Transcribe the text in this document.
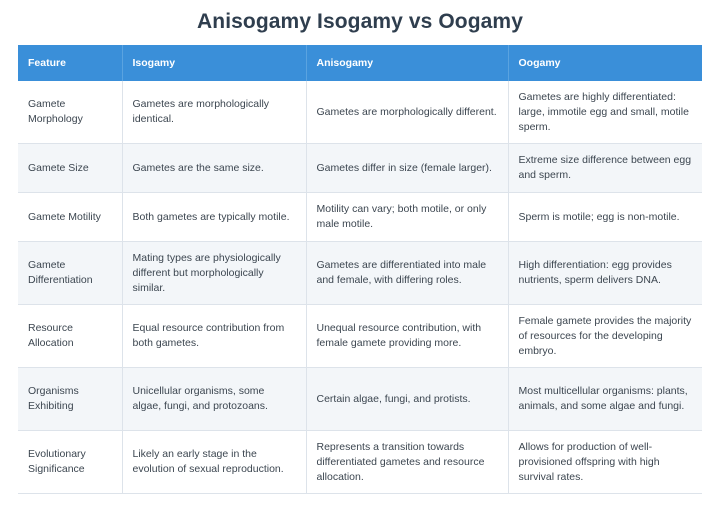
Anisogamy Isogamy vs Oogamy
Feature	Isogamy	Anisogamy	Oogamy
Gamete Morphology	Gametes are morphologically identical.	Gametes are morphologically different.	Gametes are highly differentiated: large, immotile egg and small, motile sperm.
Gamete Size	Gametes are the same size.	Gametes differ in size (female larger).	Extreme size difference between egg and sperm.
Gamete Motility	Both gametes are typically motile.	Motility can vary; both motile, or only male motile.	Sperm is motile; egg is non-motile.
Gamete Differentiation	Mating types are physiologically different but morphologically similar.	Gametes are differentiated into male and female, with differing roles.	High differentiation: egg provides nutrients, sperm delivers DNA.
Resource Allocation	Equal resource contribution from both gametes.	Unequal resource contribution, with female gamete providing more.	Female gamete provides the majority of resources for the developing embryo.
Organisms Exhibiting	Unicellular organisms, some algae, fungi, and protozoans.	Certain algae, fungi, and protists.	Most multicellular organisms: plants, animals, and some algae and fungi.
Evolutionary Significance	Likely an early stage in the evolution of sexual reproduction.	Represents a transition towards differentiated gametes and resource allocation.	Allows for production of well-provisioned offspring with high survival rates.
